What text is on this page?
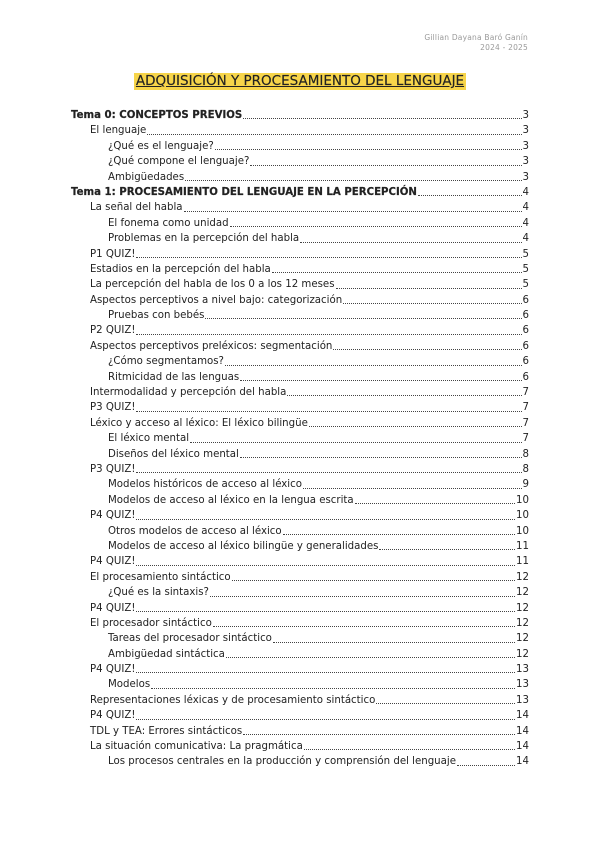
Gillian Dayana Baró Ganín
2024 - 2025
ADQUISICIÓN Y PROCESAMIENTO DEL LENGUAJE
Tema 0: CONCEPTOS PREVIOS	3
El lenguaje	3
¿Qué es el lenguaje?	3
¿Qué compone el lenguaje?	3
Ambigüedades	3
Tema 1: PROCESAMIENTO DEL LENGUAJE EN LA PERCEPCIÓN	4
La señal del habla	4
El fonema como unidad	4
Problemas en la percepción del habla	4
P1 QUIZ!	5
Estadios en la percepción del habla	5
La percepción del habla de los 0 a los 12 meses	5
Aspectos perceptivos a nivel bajo: categorización	6
Pruebas con bebés	6
P2 QUIZ!	6
Aspectos perceptivos preléxicos: segmentación	6
¿Cómo segmentamos?	6
Ritmicidad de las lenguas	6
Intermodalidad y percepción del habla	7
P3 QUIZ!	7
Léxico y acceso al léxico: El léxico bilingüe	7
El léxico mental	7
Diseños del léxico mental	8
P3 QUIZ!	8
Modelos históricos de acceso al léxico	9
Modelos de acceso al léxico en la lengua escrita	10
P4 QUIZ!	10
Otros modelos de acceso al léxico	10
Modelos de acceso al léxico bilingüe y generalidades	11
P4 QUIZ!	11
El procesamiento sintáctico	12
¿Qué es la sintaxis?	12
P4 QUIZ!	12
El procesador sintáctico	12
Tareas del procesador sintáctico	12
Ambigüedad sintáctica	12
P4 QUIZ!	13
Modelos	13
Representaciones léxicas y de procesamiento sintáctico	13
P4 QUIZ!	14
TDL y TEA: Errores sintácticos	14
La situación comunicativa: La pragmática	14
Los procesos centrales en la producción y comprensión del lenguaje	14
